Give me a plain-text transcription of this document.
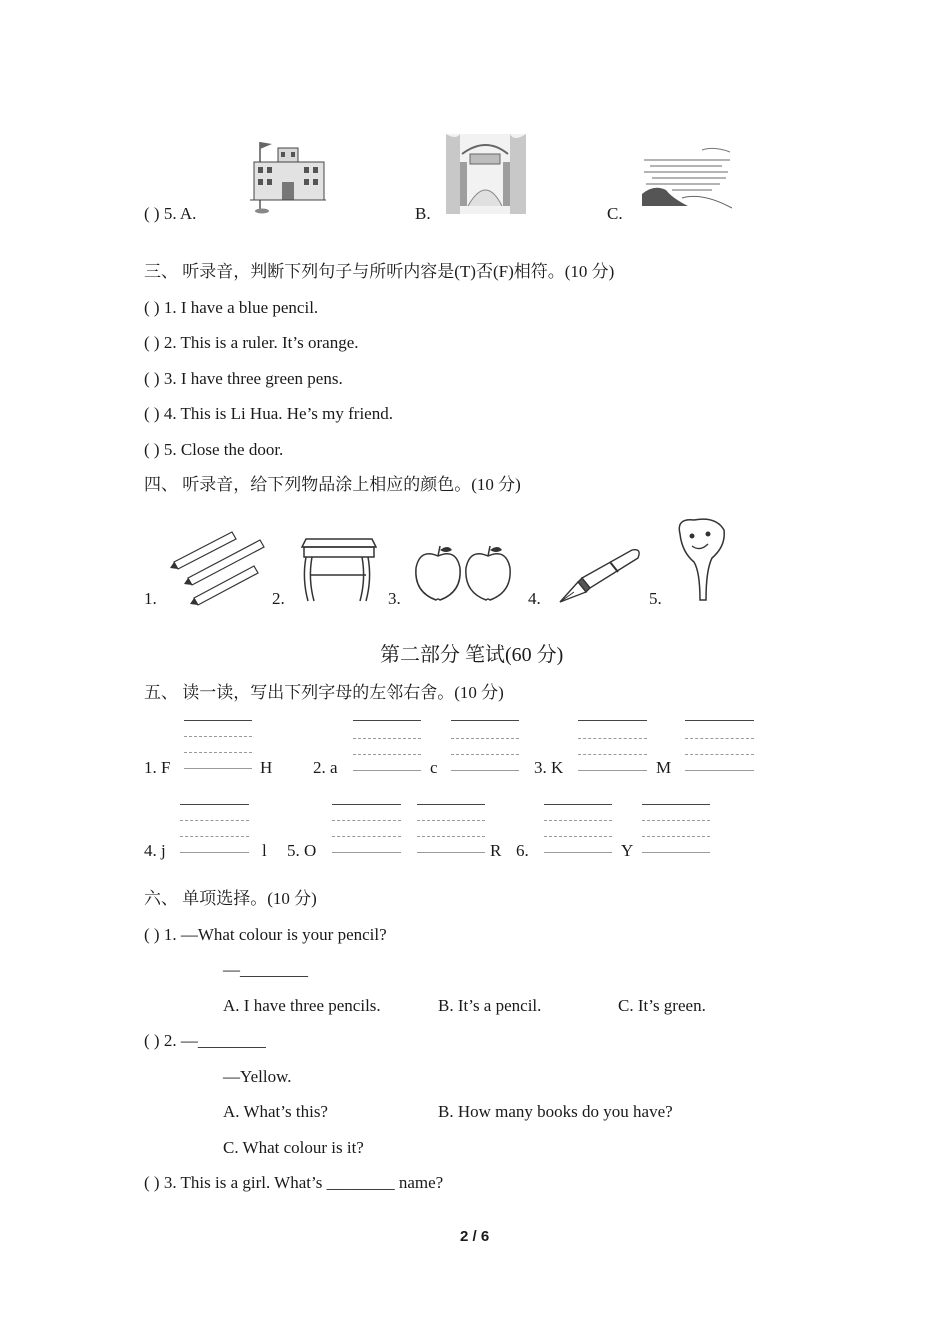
( ) 5. A.	B.	C.
三、 听录音，判断下列句子与所听内容是(T)否(F)相符。(10 分)
( ) 1. I have a blue pencil.
( ) 2. This is a ruler. It’s orange.
( ) 3. I have three green pens.
( ) 4. This is Li Hua. He’s my friend.
( ) 5. Close the door.
四、 听录音，给下列物品涂上相应的颜色。(10 分)
1.	2.	3.	4.	5.
第二部分 笔试(60 分)
五、 读一读，写出下列字母的左邻右舍。(10 分)
1. F	H 2. a	c	3. K	M
4. j	l 5. O	R 6.	Y
六、 单项选择。(10 分)
( ) 1. —What colour is your pencil?
—________
A. I have three pencils.	B. It’s a pencil.	C. It’s green.
( ) 2. —________
—Yellow.
A. What’s this?	B. How many books do you have?
C. What colour is it?
( ) 3. This is a girl. What’s ________ name?
2 / 6
